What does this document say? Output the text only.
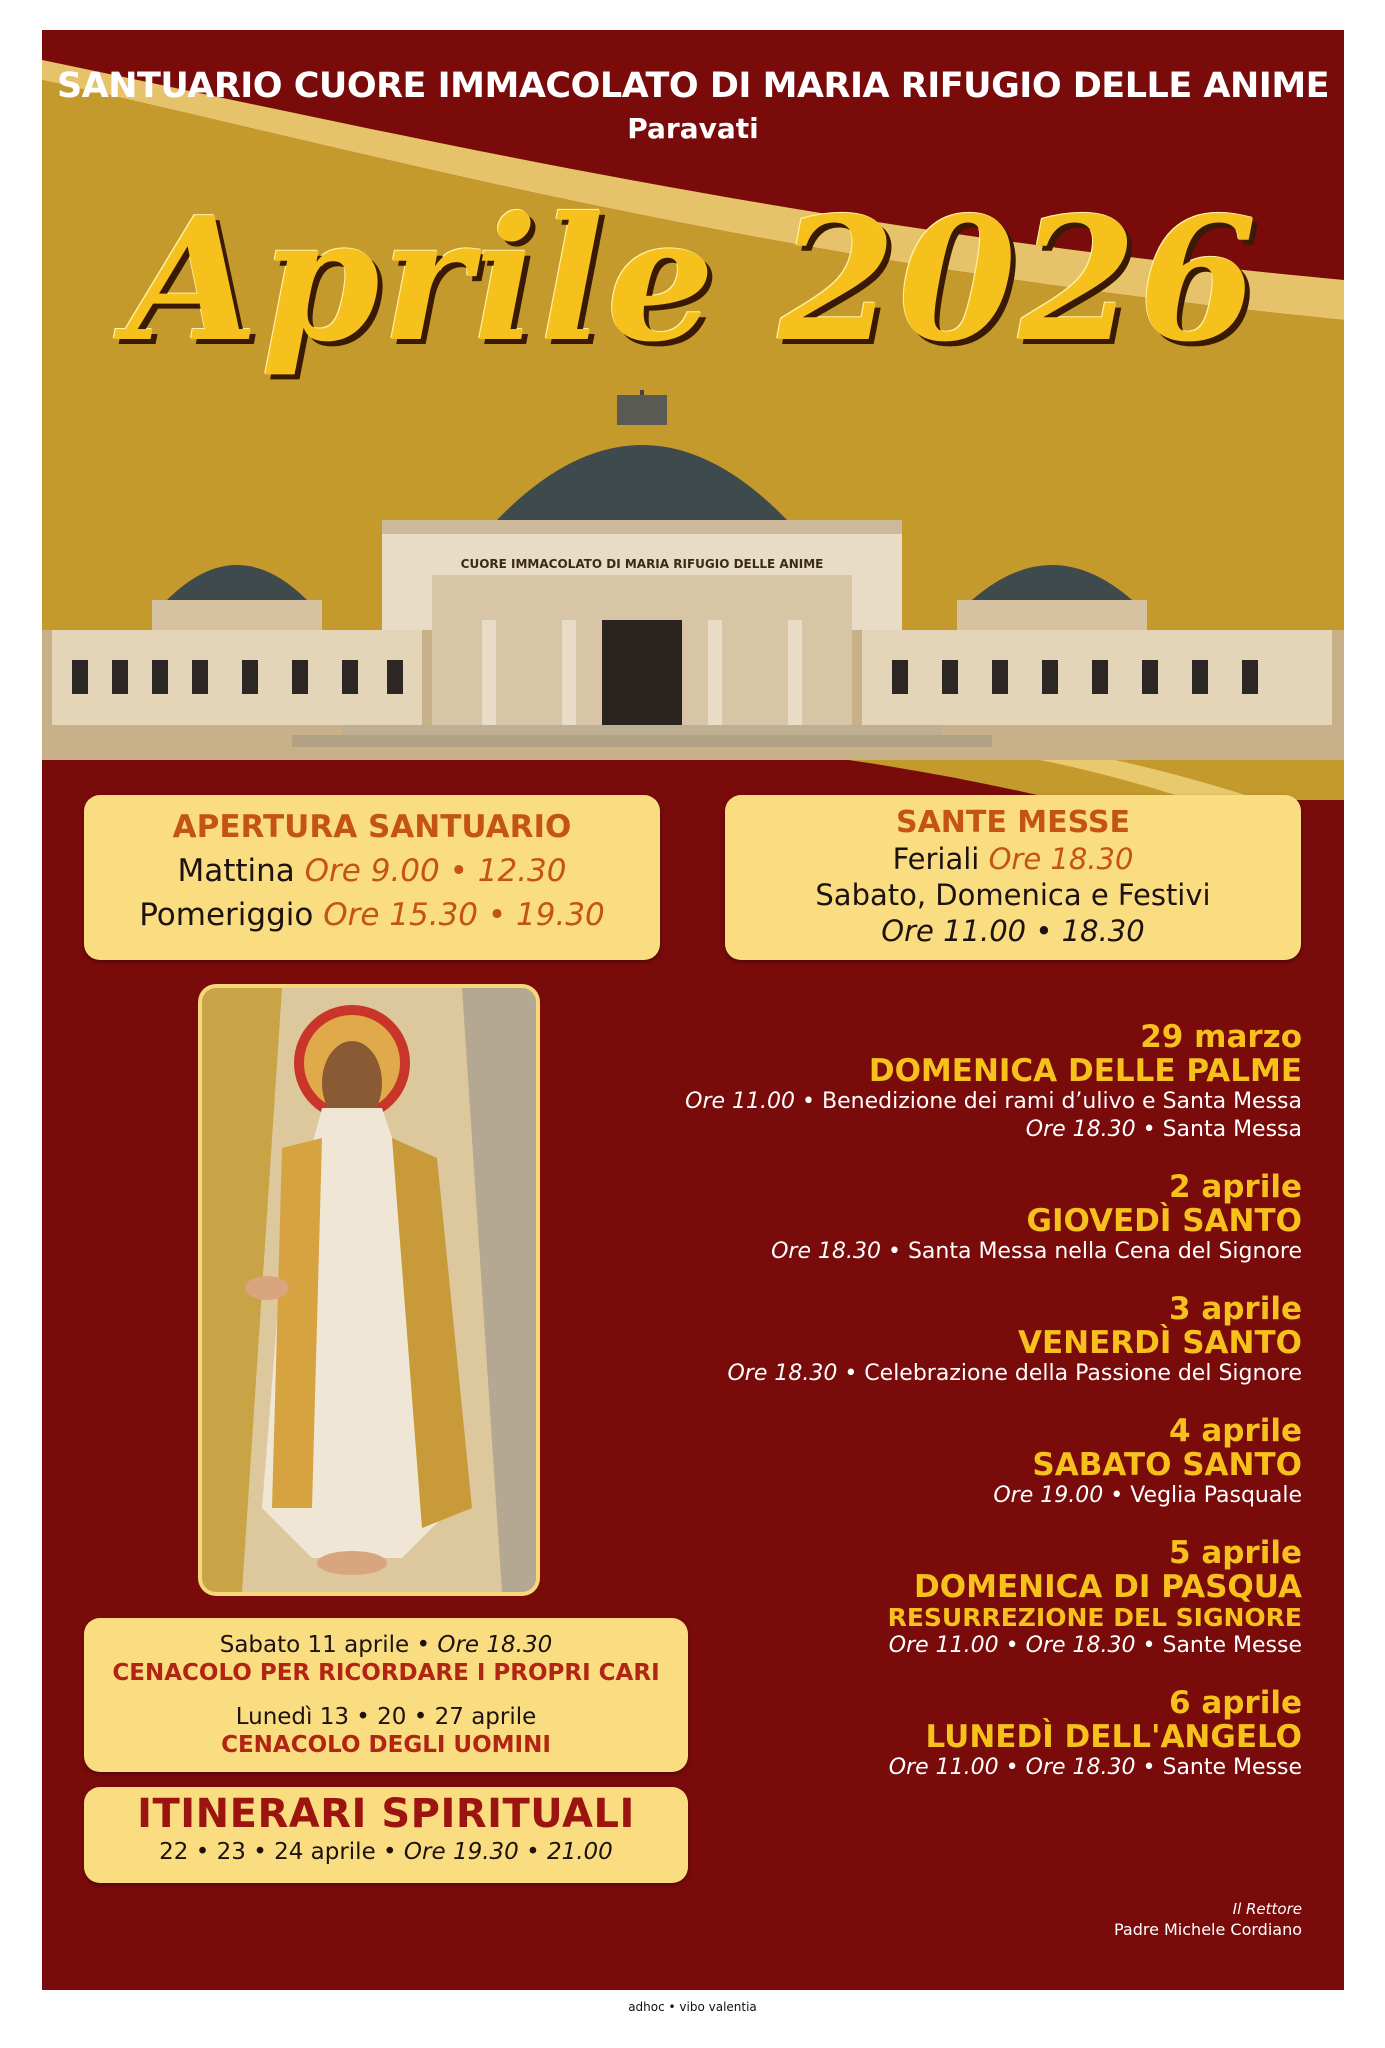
SANTUARIO CUORE IMMACOLATO DI MARIA RIFUGIO DELLE ANIME
Paravati
Aprile 2026
CUORE IMMACOLATO DI MARIA RIFUGIO DELLE ANIME
APERTURA SANTUARIO
Mattina Ore 9.00 • 12.30
Pomeriggio Ore 15.30 • 19.30
SANTE MESSE
Feriali Ore 18.30
Sabato, Domenica e Festivi
Ore 11.00 • 18.30
29 marzo
DOMENICA DELLE PALME
Ore 11.00 • Benedizione dei rami d’ulivo e Santa Messa
Ore 18.30 • Santa Messa
2 aprile
GIOVEDÌ SANTO
Ore 18.30 • Santa Messa nella Cena del Signore
3 aprile
VENERDÌ SANTO
Ore 18.30 • Celebrazione della Passione del Signore
4 aprile
SABATO SANTO
Ore 19.00 • Veglia Pasquale
5 aprile
DOMENICA DI PASQUA
RESURREZIONE DEL SIGNORE
Ore 11.00 • Ore 18.30 • Sante Messe
6 aprile
LUNEDÌ DELL'ANGELO
Ore 11.00 • Ore 18.30 • Sante Messe
Sabato 11 aprile • Ore 18.30
CENACOLO PER RICORDARE I PROPRI CARI
Lunedì 13 • 20 • 27 aprile
CENACOLO DEGLI UOMINI
ITINERARI SPIRITUALI
22 • 23 • 24 aprile • Ore 19.30 • 21.00
Il Rettore
Padre Michele Cordiano
adhoc • vibo valentia
